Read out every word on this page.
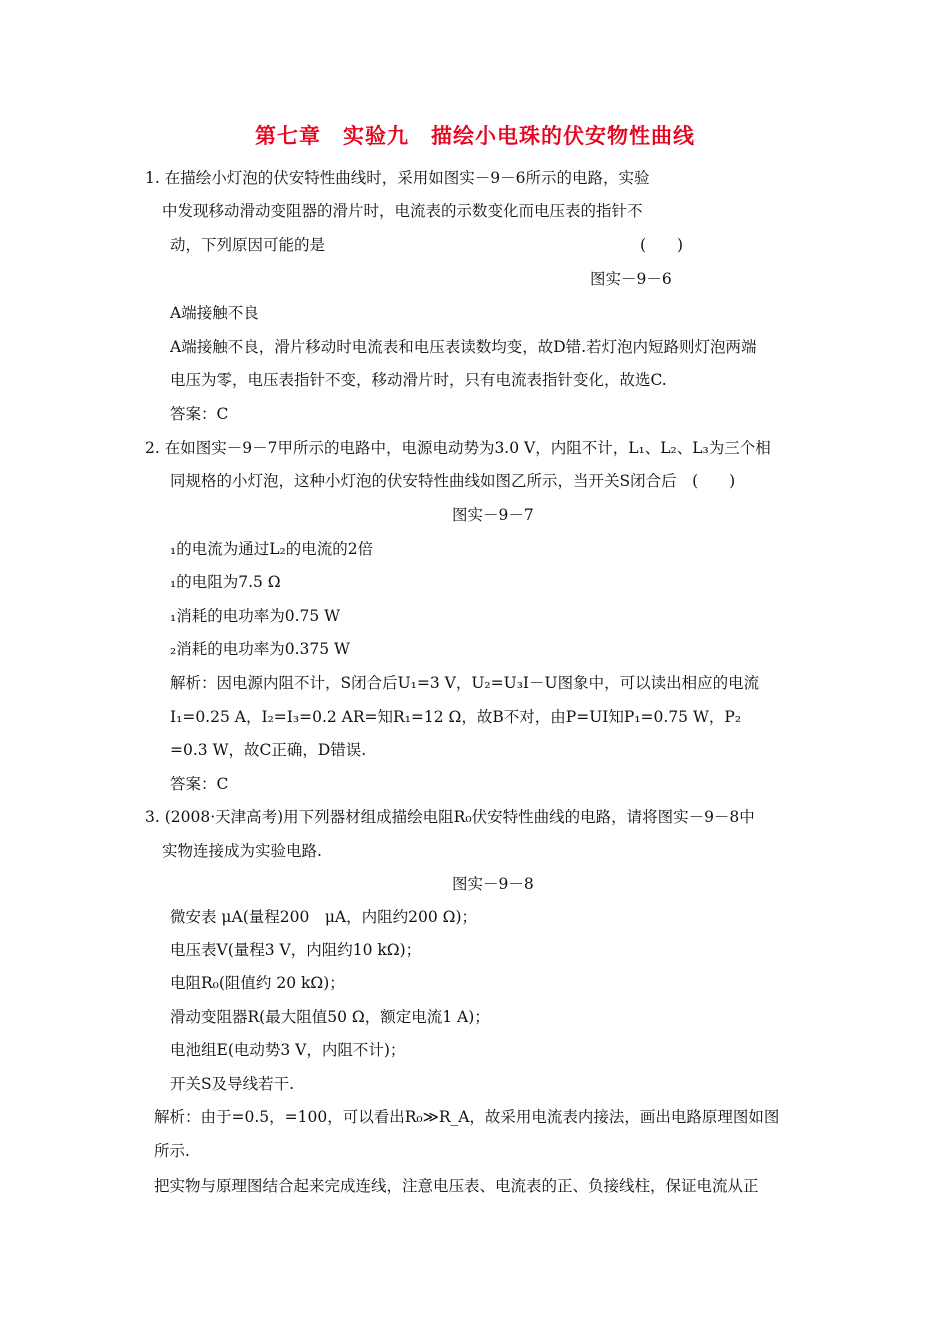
第七章　实验九　描绘小电珠的伏安物性曲线
1. 在描绘小灯泡的伏安特性曲线时，采用如图实－9－6所示的电路，实验
中发现移动滑动变阻器的滑片时，电流表的示数变化而电压表的指针不
动，下列原因可能的是	(　　)
图实－9－6
A端接触不良
A端接触不良，滑片移动时电流表和电压表读数均变，故D错.若灯泡内短路则灯泡两端
电压为零，电压表指针不变，移动滑片时，只有电流表指针变化，故选C.
答案：C
2. 在如图实－9－7甲所示的电路中，电源电动势为3.0 V，内阻不计，L₁、L₂、L₃为三个相
同规格的小灯泡，这种小灯泡的伏安特性曲线如图乙所示，当开关S闭合后　(　　)
图实－9－7
₁的电流为通过L₂的电流的2倍
₁的电阻为7.5 Ω
₁消耗的电功率为0.75 W
₂消耗的电功率为0.375 W
解析：因电源内阻不计，S闭合后U₁=3 V，U₂=U₃I－U图象中，可以读出相应的电流
I₁=0.25 A，I₂=I₃=0.2 AR=知R₁=12 Ω，故B不对，由P=UI知P₁=0.75 W，P₂
=0.3 W，故C正确，D错误.
答案：C
3. (2008·天津高考)用下列器材组成描绘电阻R₀伏安特性曲线的电路，请将图实－9－8中
实物连接成为实验电路.
图实－9－8
微安表 μA(量程200　μA，内阻约200 Ω)；
电压表V(量程3 V，内阻约10 kΩ)；
电阻R₀(阻值约 20 kΩ)；
滑动变阻器R(最大阻值50 Ω，额定电流1 A)；
电池组E(电动势3 V，内阻不计)；
开关S及导线若干.
解析：由于=0.5，=100，可以看出R₀≫R_A，故采用电流表内接法，画出电路原理图如图
所示.
把实物与原理图结合起来完成连线，注意电压表、电流表的正、负接线柱，保证电流从正
